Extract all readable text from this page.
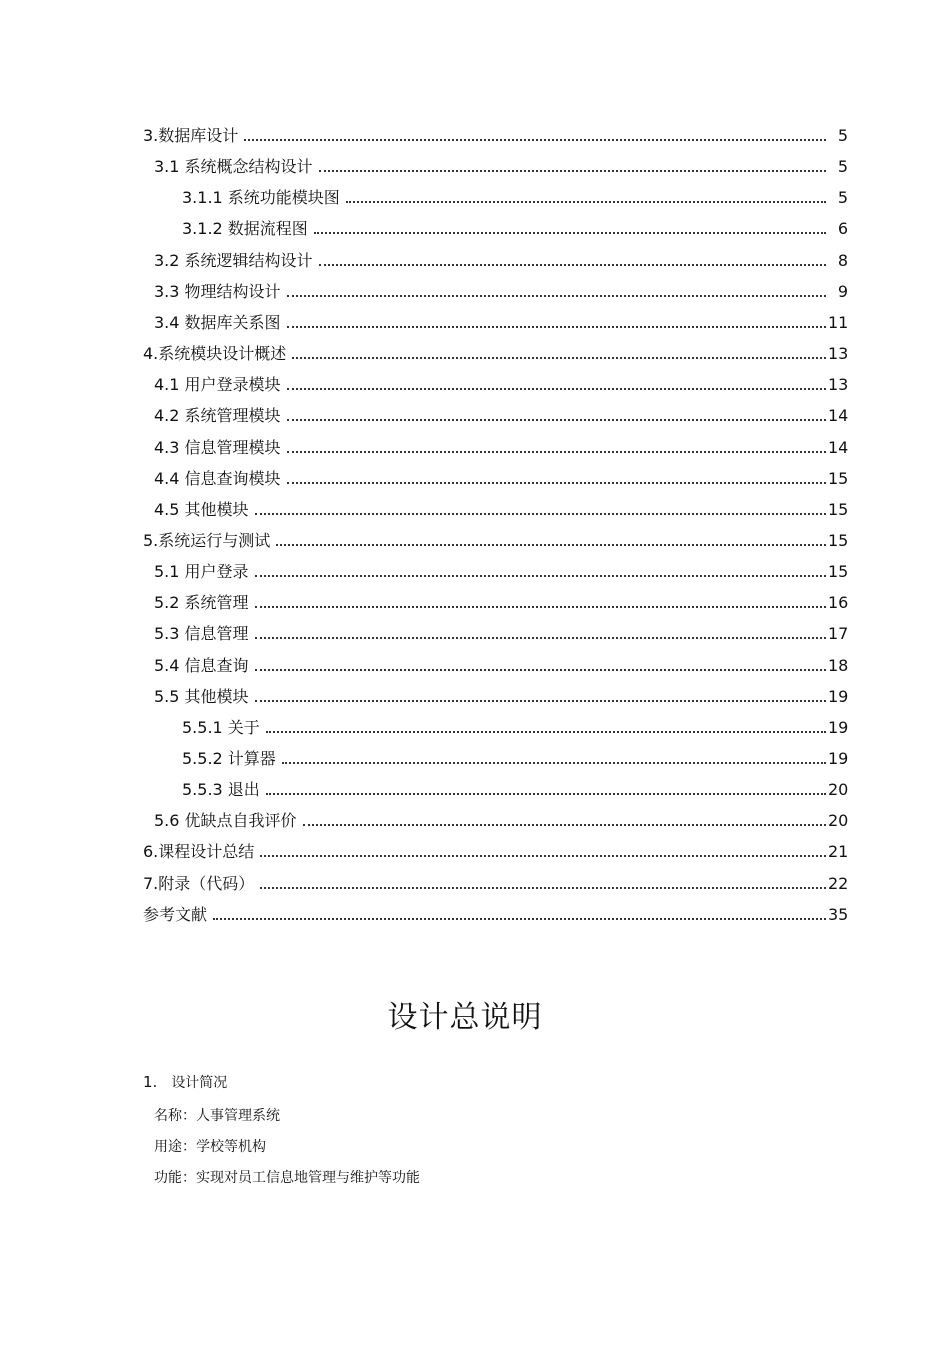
3.数据库设计	5
3.1 系统概念结构设计	5
3.1.1 系统功能模块图	5
3.1.2 数据流程图	6
3.2 系统逻辑结构设计	8
3.3 物理结构设计	9
3.4 数据库关系图	11
4.系统模块设计概述	13
4.1 用户登录模块	13
4.2 系统管理模块	14
4.3 信息管理模块	14
4.4 信息查询模块	15
4.5 其他模块	15
5.系统运行与测试	15
5.1 用户登录	15
5.2 系统管理	16
5.3 信息管理	17
5.4 信息查询	18
5.5 其他模块	19
5.5.1 关于	19
5.5.2 计算器	19
5.5.3 退出	20
5.6 优缺点自我评价	20
6.课程设计总结	21
7.附录（代码）	22
参考文献	35
设计总说明
1. 设计简况
名称：人事管理系统
用途：学校等机构
功能：实现对员工信息地管理与维护等功能
